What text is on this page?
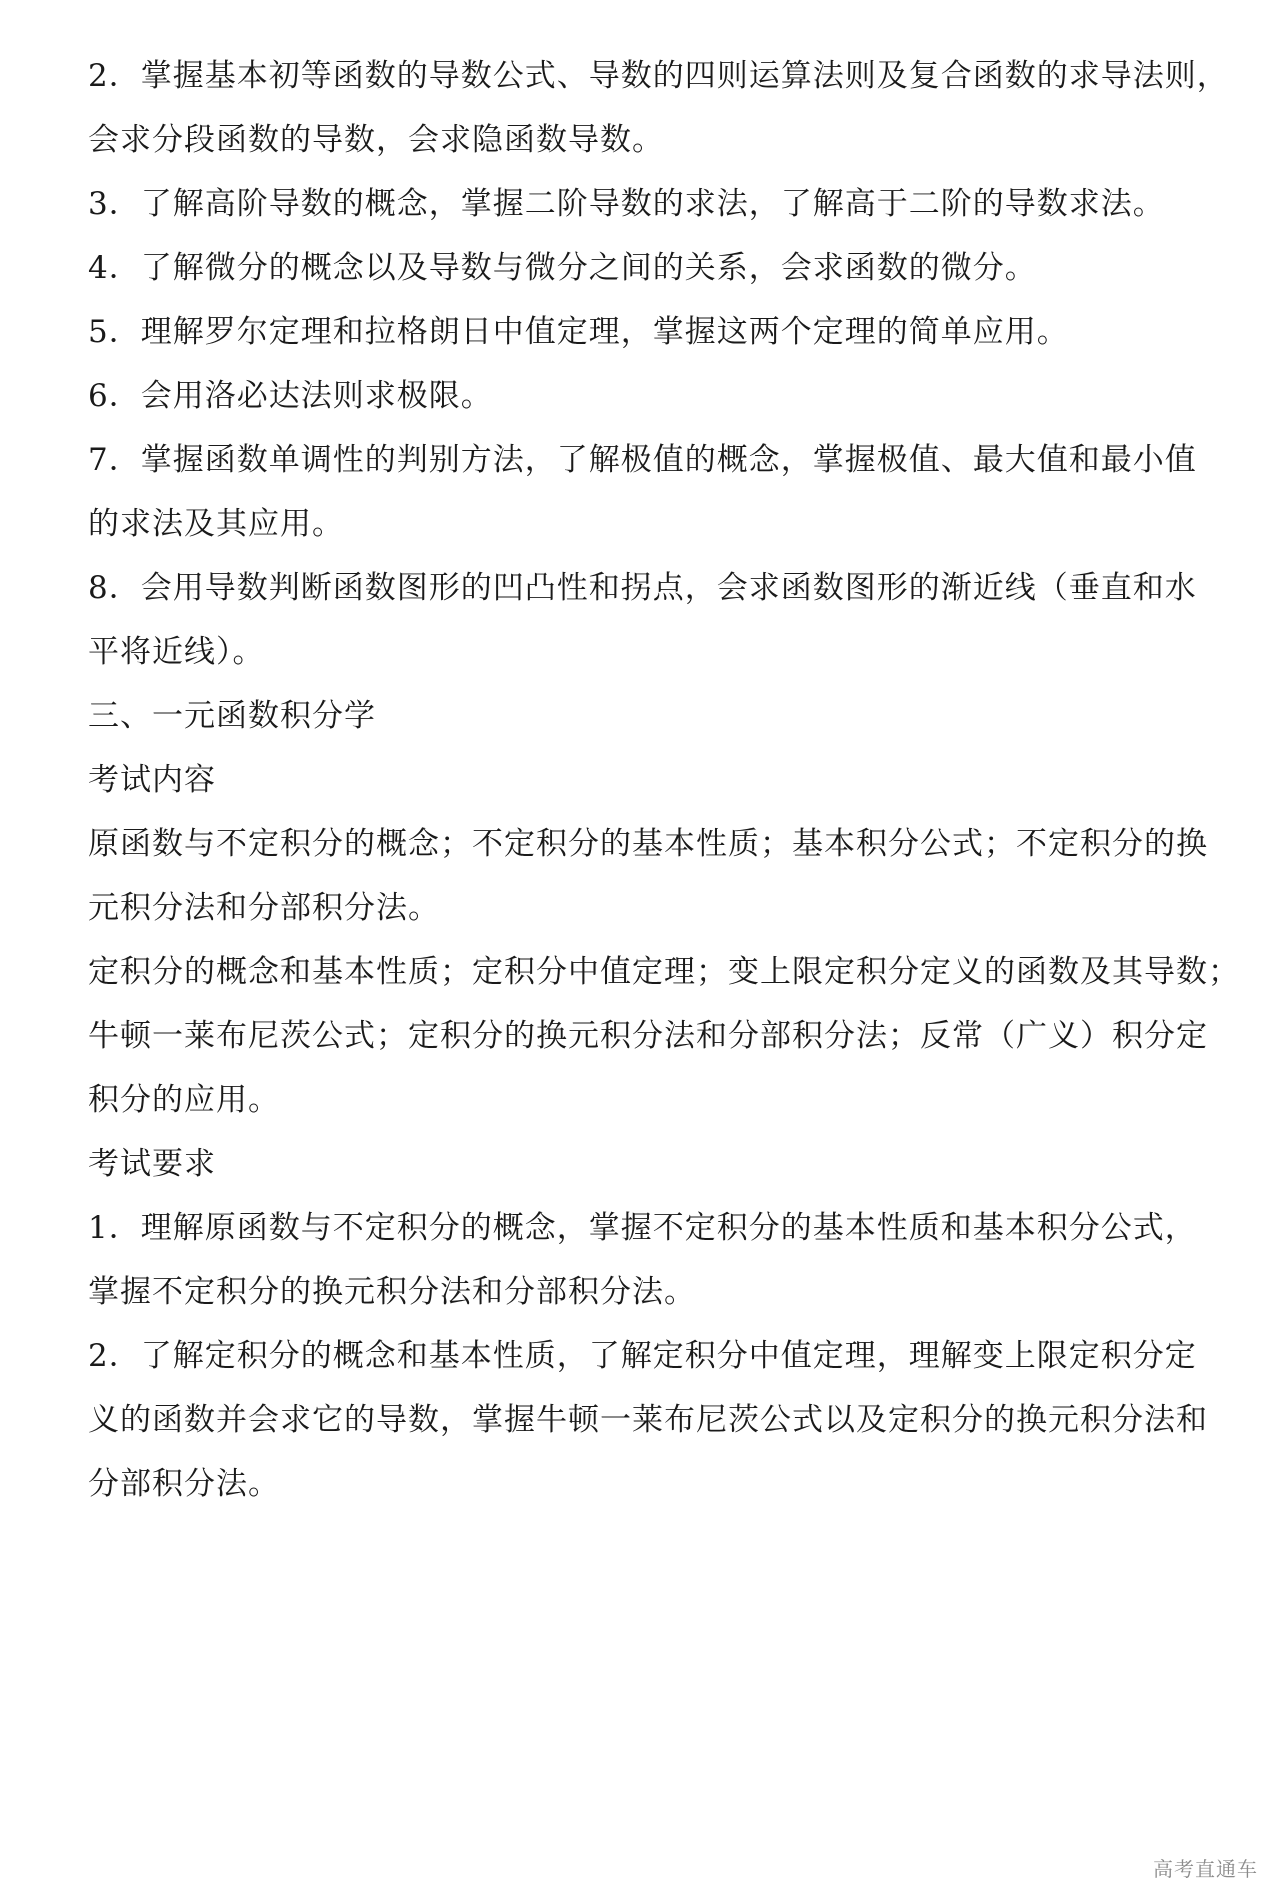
2．掌握基本初等函数的导数公式、导数的四则运算法则及复合函数的求导法则，
会求分段函数的导数，会求隐函数导数。
3．了解高阶导数的概念，掌握二阶导数的求法，了解高于二阶的导数求法。
4．了解微分的概念以及导数与微分之间的关系，会求函数的微分。
5．理解罗尔定理和拉格朗日中值定理，掌握这两个定理的简单应用。
6．会用洛必达法则求极限。
7．掌握函数单调性的判别方法，了解极值的概念，掌握极值、最大值和最小值
的求法及其应用。
8．会用导数判断函数图形的凹凸性和拐点，会求函数图形的渐近线（垂直和水
平将近线）。
三、一元函数积分学
考试内容
原函数与不定积分的概念；不定积分的基本性质；基本积分公式；不定积分的换
元积分法和分部积分法。
定积分的概念和基本性质；定积分中值定理；变上限定积分定义的函数及其导数；
牛顿一莱布尼茨公式；定积分的换元积分法和分部积分法；反常（广义）积分定
积分的应用。
考试要求
1．理解原函数与不定积分的概念，掌握不定积分的基本性质和基本积分公式，
掌握不定积分的换元积分法和分部积分法。
2．了解定积分的概念和基本性质，了解定积分中值定理，理解变上限定积分定
义的函数并会求它的导数，掌握牛顿一莱布尼茨公式以及定积分的换元积分法和
分部积分法。
高考直通车
